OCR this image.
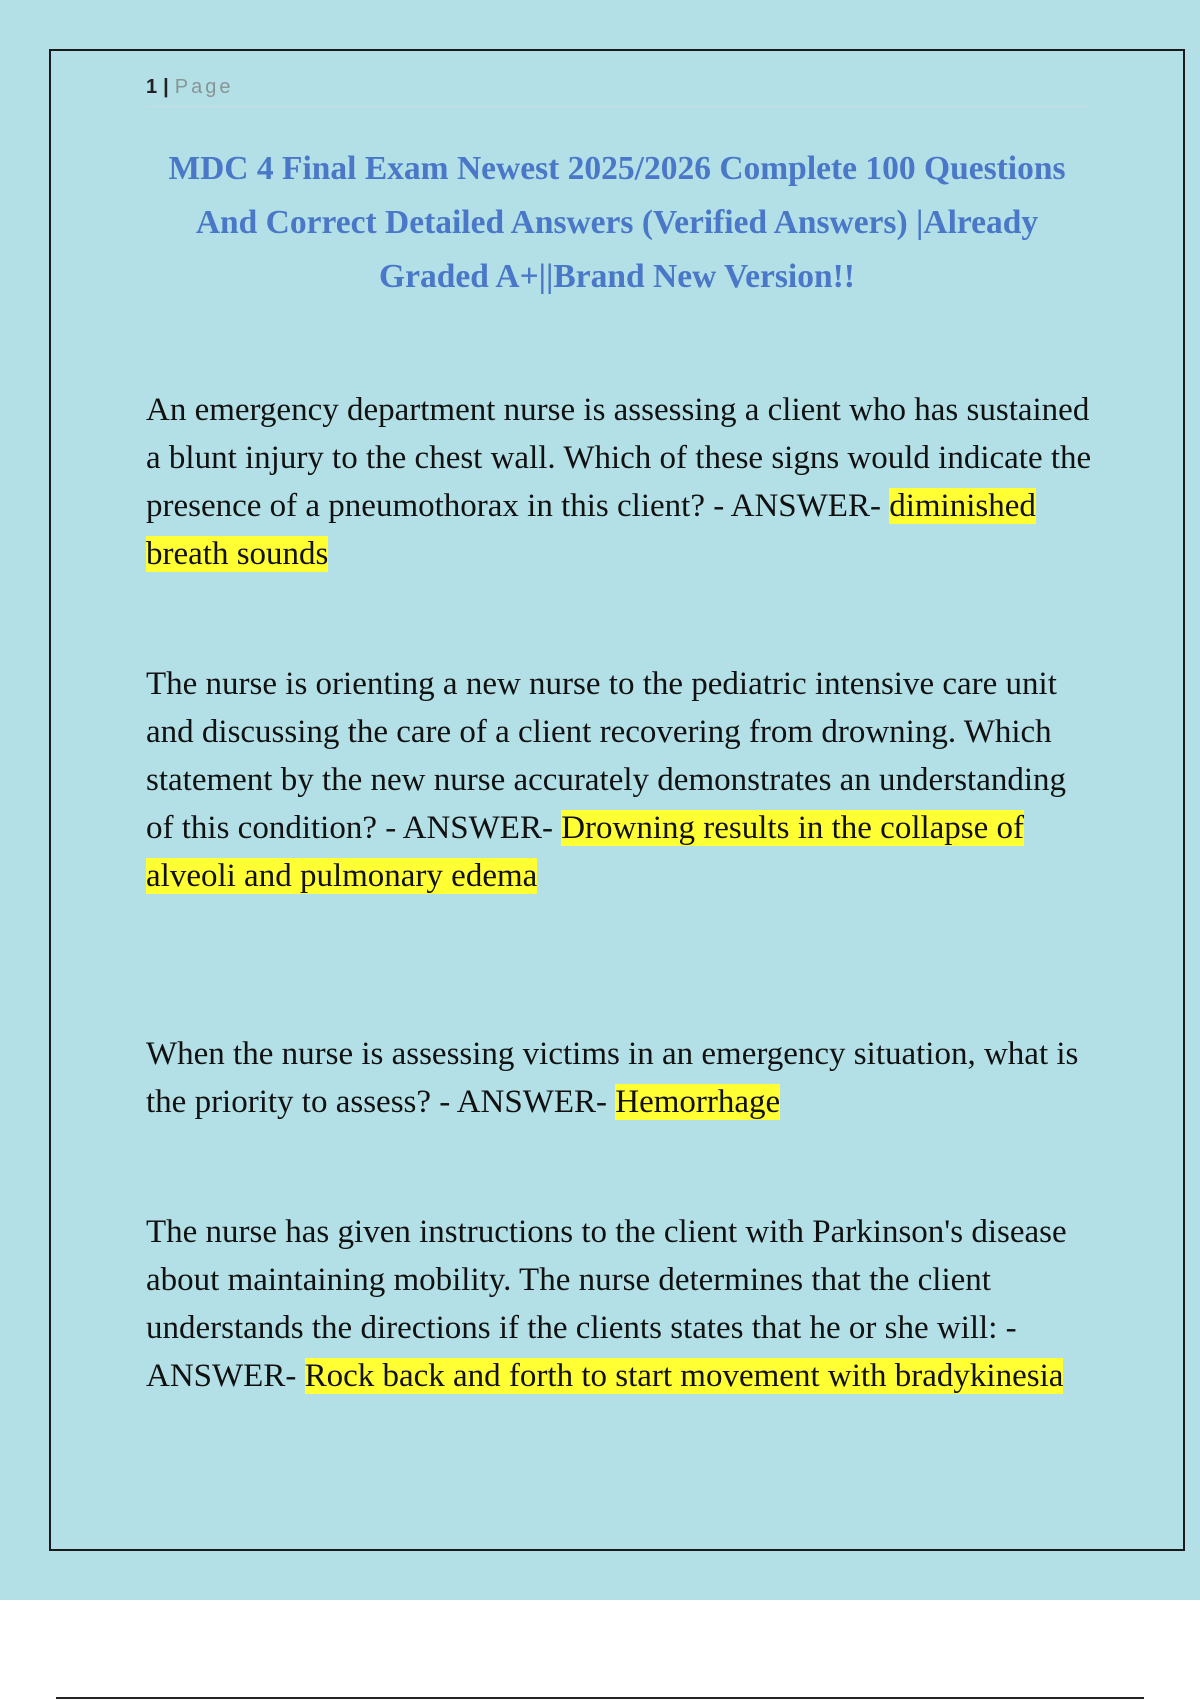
1 | Page
MDC 4 Final Exam Newest 2025/2026 Complete 100 Questions And Correct Detailed Answers (Verified Answers) |Already Graded A+||Brand New Version!!

An emergency department nurse is assessing a client who has sustained a blunt injury to the chest wall. Which of these signs would indicate the presence of a pneumothorax in this client? - ANSWER- diminished breath sounds

The nurse is orienting a new nurse to the pediatric intensive care unit and discussing the care of a client recovering from drowning. Which statement by the new nurse accurately demonstrates an understanding of this condition? - ANSWER- Drowning results in the collapse of alveoli and pulmonary edema

When the nurse is assessing victims in an emergency situation, what is the priority to assess? - ANSWER- Hemorrhage

The nurse has given instructions to the client with Parkinson's disease about maintaining mobility. The nurse determines that the client understands the directions if the clients states that he or she will: - ANSWER- Rock back and forth to start movement with bradykinesia
